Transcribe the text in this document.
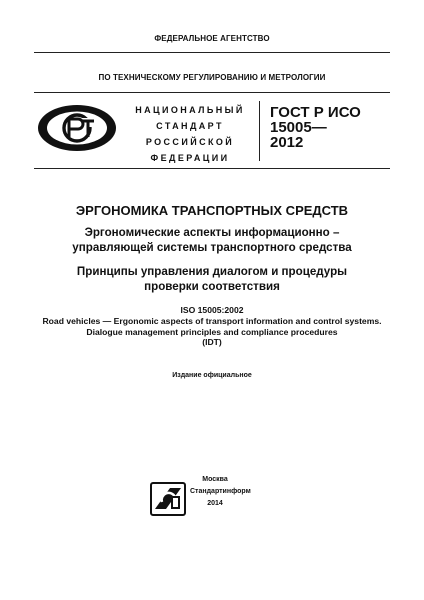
ФЕДЕРАЛЬНОЕ АГЕНТСТВО
ПО ТЕХНИЧЕСКОМУ РЕГУЛИРОВАНИЮ И МЕТРОЛОГИИ
НАЦИОНАЛЬНЫЙ
СТАНДАРТ
РОССИЙСКОЙ
ФЕДЕРАЦИИ
ГОСТ Р ИСО
15005—
2012
ЭРГОНОМИКА ТРАНСПОРТНЫХ СРЕДСТВ
Эргономические аспекты информационно –
управляющей системы транспортного средства
Принципы управления диалогом и процедуры
проверки соответствия
ISO 15005:2002
Road vehicles — Ergonomic aspects of transport information and control systems.
Dialogue management principles and compliance procedures
(IDT)
Издание официальное
Москва
Стандартинформ
2014
